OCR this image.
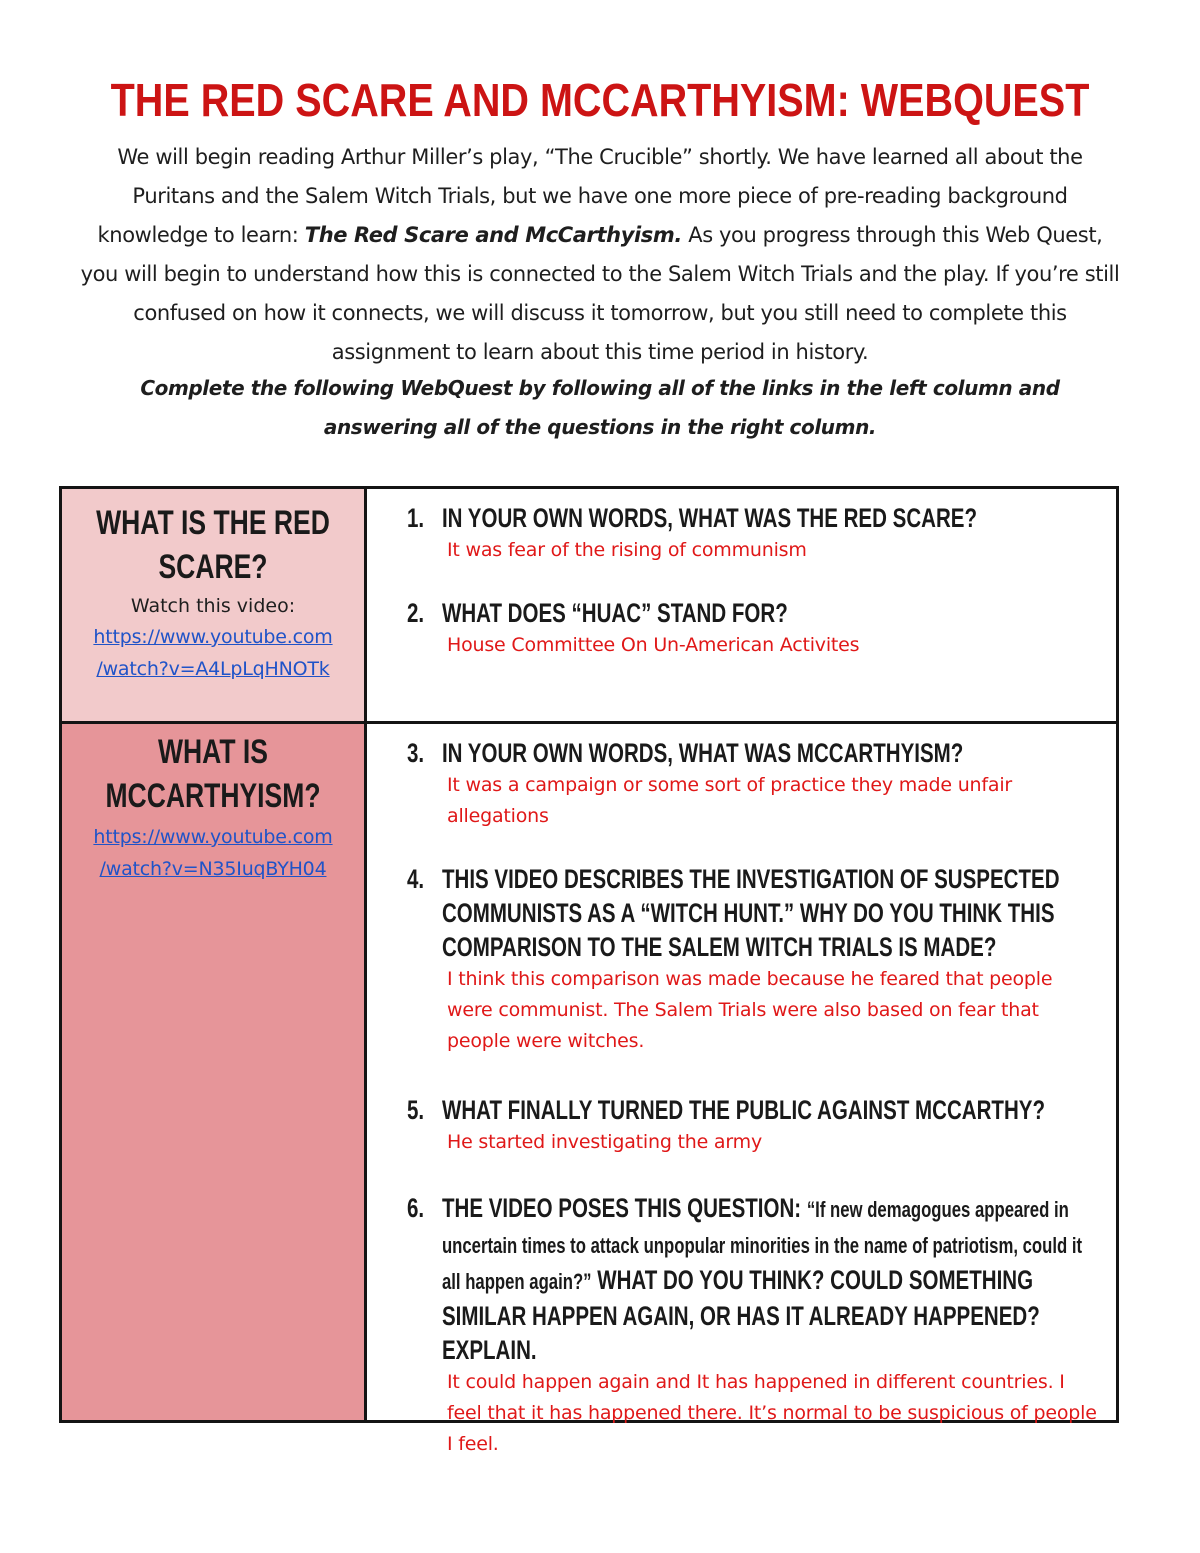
THE RED SCARE AND MCCARTHYISM: WEBQUEST

We will begin reading Arthur Miller’s play, “The Crucible” shortly. We have learned all about the Puritans and the Salem Witch Trials, but we have one more piece of pre-reading background knowledge to learn: The Red Scare and McCarthyism. As you progress through this Web Quest, you will begin to understand how this is connected to the Salem Witch Trials and the play. If you’re still confused on how it connects, we will discuss it tomorrow, but you still need to complete this assignment to learn about this time period in history.

Complete the following WebQuest by following all of the links in the left column and answering all of the questions in the right column.
WHAT IS THE RED SCARE?
Watch this video:
https://www.youtube.com
/watch?v=A4LpLqHNOTk
1. IN YOUR OWN WORDS, WHAT WAS THE RED SCARE?
It was fear of the rising of communism
2. WHAT DOES “HUAC” STAND FOR?
House Committee On Un-American Activites
WHAT IS MCCARTHYISM?
https://www.youtube.com
/watch?v=N35IuqBYH04
3. IN YOUR OWN WORDS, WHAT WAS MCCARTHYISM?
It was a campaign or some sort of practice they made unfair allegations
4. THIS VIDEO DESCRIBES THE INVESTIGATION OF SUSPECTED COMMUNISTS AS A “WITCH HUNT.” WHY DO YOU THINK THIS COMPARISON TO THE SALEM WITCH TRIALS IS MADE?
I think this comparison was made because he feared that people were communist. The Salem Trials were also based on fear that people were witches.
5. WHAT FINALLY TURNED THE PUBLIC AGAINST MCCARTHY?
He started investigating the army
6. THE VIDEO POSES THIS QUESTION: “If new demagogues appeared in uncertain times to attack unpopular minorities in the name of patriotism, could it all happen again?” WHAT DO YOU THINK? COULD SOMETHING SIMILAR HAPPEN AGAIN, OR HAS IT ALREADY HAPPENED? EXPLAIN.
It could happen again and It has happened in different countries. I feel that it has happened there. It’s normal to be suspicious of people I feel.
